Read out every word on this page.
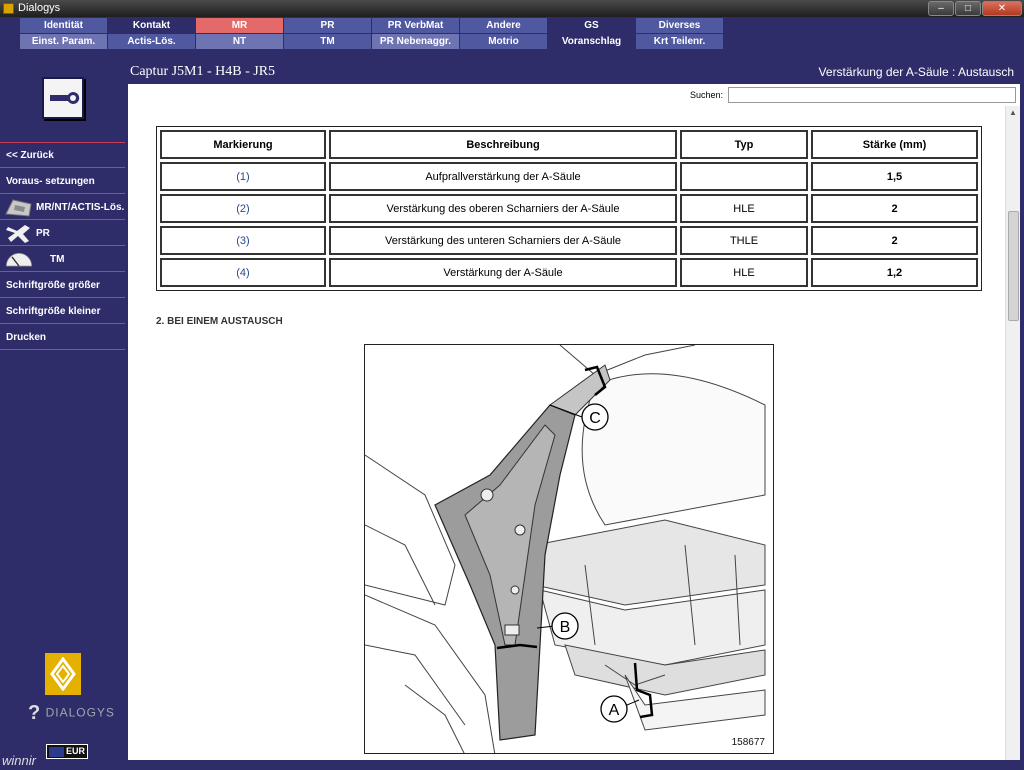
Dialogys	–	□	✕
Identität	Kontakt	MR	PR	PR VerbMat	Andere	GS	Diverses
Einst. Param.	Actis-Lös.	NT	TM	PR Nebenaggr.	Motrio	Voranschlag	Krt Teilenr.
<< Zurück
Voraus- setzungen
MR/NT/ACTIS-Lös.
PR
TM
Schriftgröße größer
Schriftgröße kleiner
Drucken
? DIALOGYS
EUR
winnir
Captur J5M1 - H4B - JR5	Verstärkung der A-Säule : Austausch
Suchen:
▲
Markierung	Beschreibung	Typ	Stärke (mm)
(1)	Aufprallverstärkung der A-Säule		1,5
(2)	Verstärkung des oberen Scharniers der A-Säule	HLE	2
(3)	Verstärkung des unteren Scharniers der A-Säule	THLE	2
(4)	Verstärkung der A-Säule	HLE	1,2
2. BEI EINEM AUSTAUSCH
C
B
A
158677
